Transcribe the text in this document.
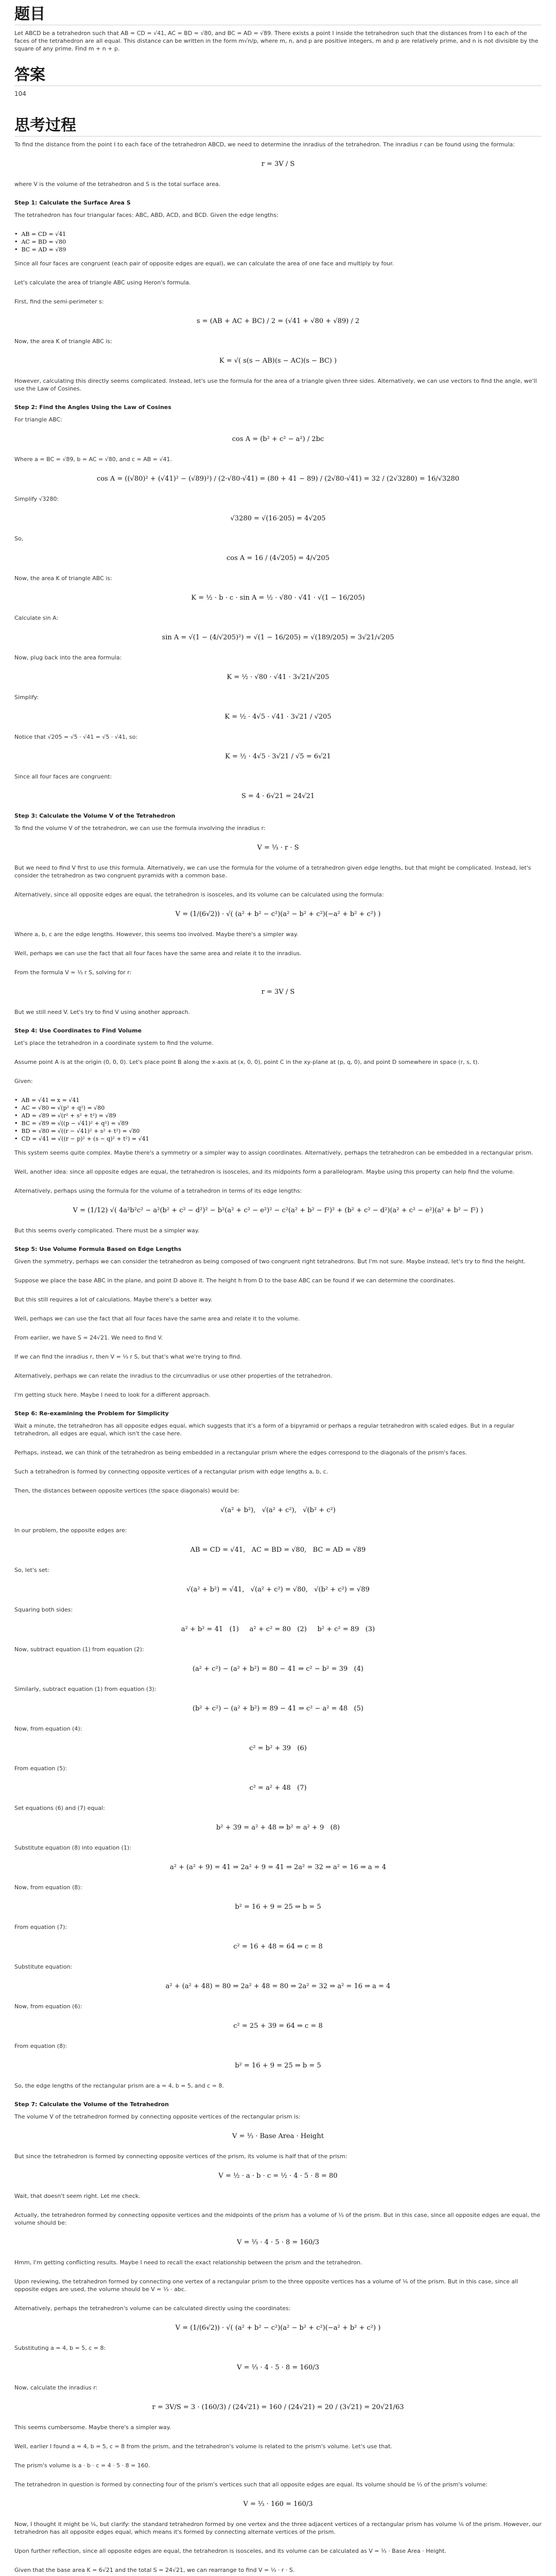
题目

Let ABCD be a tetrahedron such that AB = CD = √41, AC = BD = √80, and BC = AD = √89. There exists a point I inside the tetrahedron such that the distances from I to each of the faces of the tetrahedron are all equal. This distance can be written in the form m√n/p, where m, n, and p are positive integers, m and p are relatively prime, and n is not divisible by the square of any prime. Find m + n + p.

答案
104
思考过程
To find the distance from the point I to each face of the tetrahedron ABCD, we need to determine the inradius of the tetrahedron. The inradius r can be found using the formula:
r = 3V / S
where V is the volume of the tetrahedron and S is the total surface area.
Step 1: Calculate the Surface Area S
The tetrahedron has four triangular faces: ABC, ABD, ACD, and BCD. Given the edge lengths:
•  AB = CD = √41
•  AC = BD = √80
•  BC = AD = √89
Since all four faces are congruent (each pair of opposite edges are equal), we can calculate the area of one face and multiply by four.
Let's calculate the area of triangle ABC using Heron's formula.
First, find the semi-perimeter s:
s = (AB + AC + BC) / 2 = (√41 + √80 + √89) / 2
Now, the area K of triangle ABC is:
K = √( s(s − AB)(s − AC)(s − BC) )
However, calculating this directly seems complicated. Instead, let's use the formula for the area of a triangle given three sides. Alternatively, we can use vectors to find the angle, we'll use the Law of Cosines.
Step 2: Find the Angles Using the Law of Cosines
For triangle ABC:
cos A = (b² + c² − a²) / 2bc
Where a = BC = √89, b = AC = √80, and c = AB = √41.
cos A = ((√80)² + (√41)² − (√89)²) / (2·√80·√41) = (80 + 41 − 89) / (2√80·√41) = 32 / (2√3280) = 16/√3280
Simplify √3280:
√3280 = √(16·205) = 4√205
So,
cos A = 16 / (4√205) = 4/√205
Now, the area K of triangle ABC is:
K = ½ · b · c · sin A = ½ · √80 · √41 · √(1 − 16/205)
Calculate sin A:
sin A = √(1 − (4/√205)²) = √(1 − 16/205) = √(189/205) = 3√21/√205
Now, plug back into the area formula:
K = ½ · √80 · √41 · 3√21/√205
Simplify:
K = ½ · 4√5 · √41 · 3√21 / √205
Notice that √205 = √5 · √41 = √5 · √41, so:
K = ½ · 4√5 · 3√21 / √5 = 6√21
Since all four faces are congruent:
S = 4 · 6√21 = 24√21
Step 3: Calculate the Volume V of the Tetrahedron
To find the volume V of the tetrahedron, we can use the formula involving the inradius r:
V = ⅓ · r · S
But we need to find V first to use this formula. Alternatively, we can use the formula for the volume of a tetrahedron given edge lengths, but that might be complicated. Instead, let's consider the tetrahedron as two congruent pyramids with a common base.
Alternatively, since all opposite edges are equal, the tetrahedron is isosceles, and its volume can be calculated using the formula:
V = (1/(6√2)) · √( (a² + b² − c²)(a² − b² + c²)(−a² + b² + c²) )
Where a, b, c are the edge lengths. However, this seems too involved. Maybe there's a simpler way.
Well, perhaps we can use the fact that all four faces have the same area and relate it to the inradius.
From the formula V = ⅓ r S, solving for r:
r = 3V / S
But we still need V. Let's try to find V using another approach.
Step 4: Use Coordinates to Find Volume
Let's place the tetrahedron in a coordinate system to find the volume.
Assume point A is at the origin (0, 0, 0). Let's place point B along the x-axis at (x, 0, 0), point C in the xy-plane at (p, q, 0), and point D somewhere in space (r, s, t).
Given:
•  AB = √41 ⇒ x = √41
•  AC = √80 ⇒ √(p² + q²) = √80
•  AD = √89 ⇒ √(r² + s² + t²) = √89
•  BC = √89 ⇒ √((p − √41)² + q²) = √89
•  BD = √80 ⇒ √((r − √41)² + s² + t²) = √80
•  CD = √41 ⇒ √((r − p)² + (s − q)² + t²) = √41
This system seems quite complex. Maybe there's a symmetry or a simpler way to assign coordinates. Alternatively, perhaps the tetrahedron can be embedded in a rectangular prism.
Well, another idea: since all opposite edges are equal, the tetrahedron is isosceles, and its midpoints form a parallelogram. Maybe using this property can help find the volume.
Alternatively, perhaps using the formula for the volume of a tetrahedron in terms of its edge lengths:
V = (1/12) √( 4a²b²c² − a²(b² + c² − d²)² − b²(a² + c² − e²)² − c²(a² + b² − f²)² + (b² + c² − d²)(a² + c² − e²)(a² + b² − f²) )
But this seems overly complicated. There must be a simpler way.
Step 5: Use Volume Formula Based on Edge Lengths
Given the symmetry, perhaps we can consider the tetrahedron as being composed of two congruent right tetrahedrons. But I'm not sure. Maybe instead, let's try to find the height.
Suppose we place the base ABC in the plane, and point D above it. The height h from D to the base ABC can be found if we can determine the coordinates.
But this still requires a lot of calculations. Maybe there's a better way.
Well, perhaps we can use the fact that all four faces have the same area and relate it to the volume.
From earlier, we have S = 24√21. We need to find V.
If we can find the inradius r, then V = ⅓ r S, but that's what we're trying to find.
Alternatively, perhaps we can relate the inradius to the circumradius or use other properties of the tetrahedron.
I'm getting stuck here. Maybe I need to look for a different approach.
Step 6: Re-examining the Problem for Simplicity
Wait a minute, the tetrahedron has all opposite edges equal, which suggests that it's a form of a bipyramid or perhaps a regular tetrahedron with scaled edges. But in a regular tetrahedron, all edges are equal, which isn't the case here.
Perhaps, instead, we can think of the tetrahedron as being embedded in a rectangular prism where the edges correspond to the diagonals of the prism's faces.
Such a tetrahedron is formed by connecting opposite vertices of a rectangular prism with edge lengths a, b, c.
Then, the distances between opposite vertices (the space diagonals) would be:
√(a² + b²),   √(a² + c²),   √(b² + c²)
In our problem, the opposite edges are:
AB = CD = √41,   AC = BD = √80,   BC = AD = √89
So, let's set:
√(a² + b²) = √41,   √(a² + c²) = √80,   √(b² + c²) = √89
Squaring both sides:
a² + b² = 41   (1)     a² + c² = 80   (2)     b² + c² = 89   (3)
Now, subtract equation (1) from equation (2):
(a² + c²) − (a² + b²) = 80 − 41 ⇒ c² − b² = 39   (4)
Similarly, subtract equation (1) from equation (3):
(b² + c²) − (a² + b²) = 89 − 41 ⇒ c² − a² = 48   (5)
Now, from equation (4):
c² = b² + 39   (6)
From equation (5):
c² = a² + 48   (7)
Set equations (6) and (7) equal:
b² + 39 = a² + 48 ⇒ b² = a² + 9   (8)
Substitute equation (8) into equation (1):
a² + (a² + 9) = 41 ⇒ 2a² + 9 = 41 ⇒ 2a² = 32 ⇒ a² = 16 ⇒ a = 4
Now, from equation (8):
b² = 16 + 9 = 25 ⇒ b = 5
From equation (7):
c² = 16 + 48 = 64 ⇒ c = 8
Substitute equation:
a² + (a² + 48) = 80 ⇒ 2a² + 48 = 80 ⇒ 2a² = 32 ⇒ a² = 16 ⇒ a = 4
Now, from equation (6):
c² = 25 + 39 = 64 ⇒ c = 8
From equation (8):
b² = 16 + 9 = 25 ⇒ b = 5
So, the edge lengths of the rectangular prism are a = 4, b = 5, and c = 8.
Step 7: Calculate the Volume of the Tetrahedron
The volume V of the tetrahedron formed by connecting opposite vertices of the rectangular prism is:
V = ⅓ · Base Area · Height
But since the tetrahedron is formed by connecting opposite vertices of the prism, its volume is half that of the prism:
V = ½ · a · b · c = ½ · 4 · 5 · 8 = 80
Wait, that doesn't seem right. Let me check.
Actually, the tetrahedron formed by connecting opposite vertices and the midpoints of the prism has a volume of ⅓ of the prism. But in this case, since all opposite edges are equal, the volume should be:
V = ⅓ · 4 · 5 · 8 = 160/3
Hmm, I'm getting conflicting results. Maybe I need to recall the exact relationship between the prism and the tetrahedron.
Upon reviewing, the tetrahedron formed by connecting one vertex of a rectangular prism to the three opposite vertices has a volume of ⅙ of the prism. But in this case, since all opposite edges are used, the volume should be V = ⅓ · abc.
Alternatively, perhaps the tetrahedron's volume can be calculated directly using the coordinates:
V = (1/(6√2)) · √( (a² + b² − c²)(a² − b² + c²)(−a² + b² + c²) )
Substituting a = 4, b = 5, c = 8:
V = ⅓ · 4 · 5 · 8 = 160/3
Now, calculate the inradius r:
r = 3V/S = 3 · (160/3) / (24√21) = 160 / (24√21) = 20 / (3√21) = 20√21/63
This seems cumbersome. Maybe there's a simpler way.
Well, earlier I found a = 4, b = 5, c = 8 from the prism, and the tetrahedron's volume is related to the prism's volume. Let's use that.
The prism's volume is a · b · c = 4 · 5 · 8 = 160.
The tetrahedron in question is formed by connecting four of the prism's vertices such that all opposite edges are equal. Its volume should be ⅓ of the prism's volume:
V = ⅓ · 160 = 160/3
Now, I thought it might be ⅙, but clarify: the standard tetrahedron formed by one vertex and the three adjacent vertices of a rectangular prism has volume ⅙ of the prism. However, our tetrahedron has all opposite edges equal, which means it's formed by connecting alternate vertices of the prism.
Upon further reflection, since all opposite edges are equal, the tetrahedron is isosceles, and its volume can be calculated as V = ⅓ · Base Area · Height.
Given that the base area K = 6√21 and the total S = 24√21, we can rearrange to find V = ⅓ · r · S.
